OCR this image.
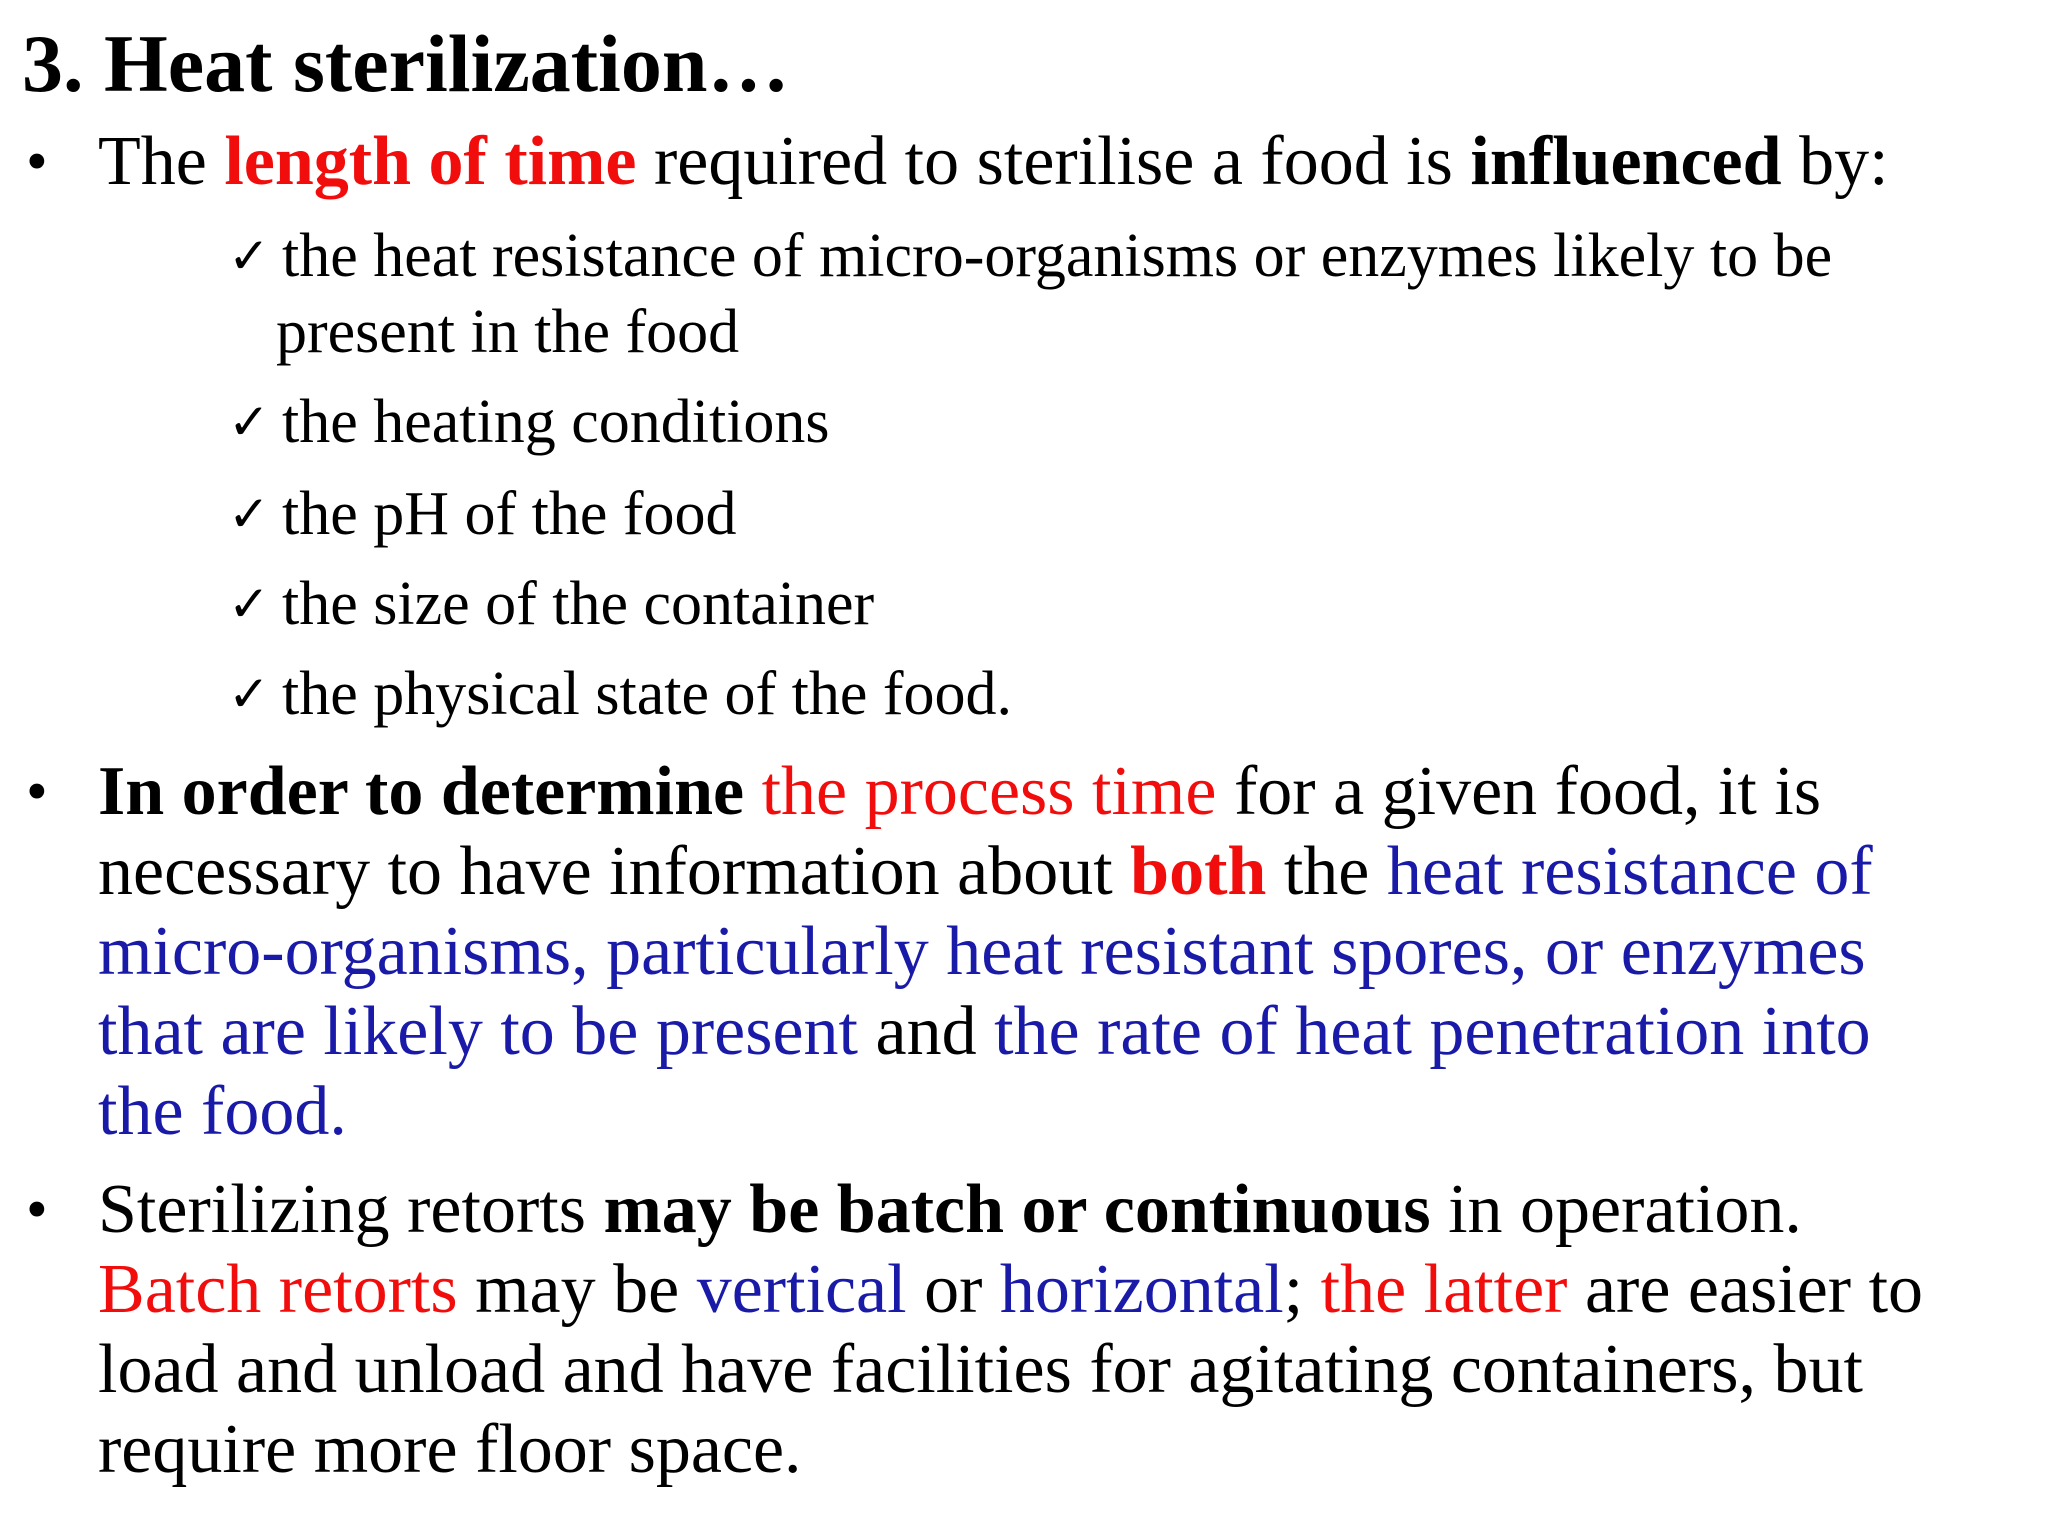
3. Heat sterilization…
• The length of time required to sterilise a food is influenced by:
✓ the heat resistance of micro-organisms or enzymes likely to be
present in the food
✓ the heating conditions
✓ the pH of the food
✓ the size of the container
✓ the physical state of the food.
• In order to determine the process time for a given food, it is
necessary to have information about both the heat resistance of
micro-organisms, particularly heat resistant spores, or enzymes
that are likely to be present and the rate of heat penetration into
the food.
• Sterilizing retorts may be batch or continuous in operation.
Batch retorts may be vertical or horizontal; the latter are easier to
load and unload and have facilities for agitating containers, but
require more floor space.
